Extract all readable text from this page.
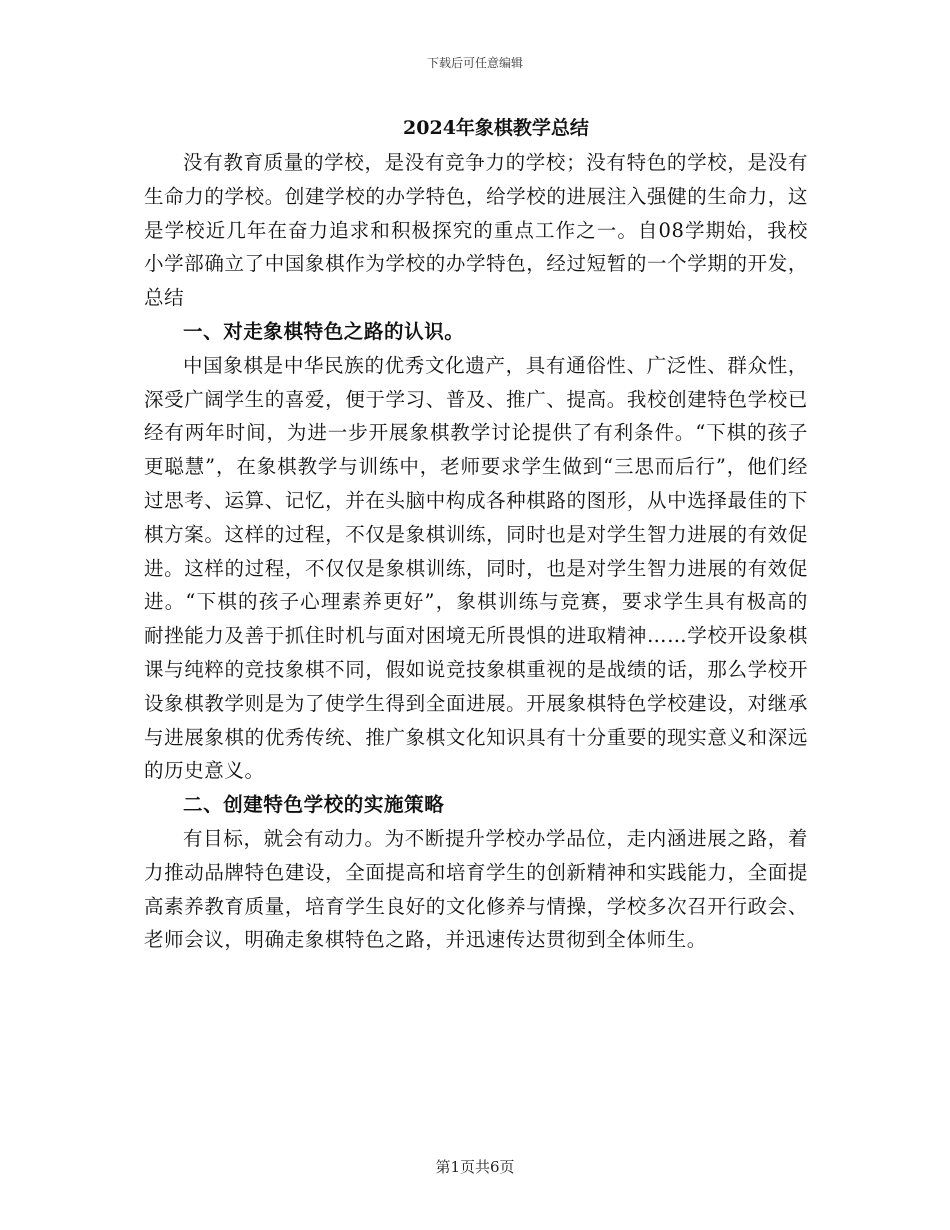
下载后可任意编辑
2024年象棋教学总结

没有教育质量的学校，是没有竞争力的学校；没有特色的学校，是没有生命力的学校。创建学校的办学特色，给学校的进展注入强健的生命力，这是学校近几年在奋力追求和积极探究的重点工作之一。自08学期始，我校小学部确立了中国象棋作为学校的办学特色，经过短暂的一个学期的开发，总结

一、对走象棋特色之路的认识。

中国象棋是中华民族的优秀文化遗产，具有通俗性、广泛性、群众性，深受广阔学生的喜爱，便于学习、普及、推广、提高。我校创建特色学校已经有两年时间，为进一步开展象棋教学讨论提供了有利条件。“下棋的孩子更聪慧”，在象棋教学与训练中，老师要求学生做到“三思而后行”，他们经过思考、运算、记忆，并在头脑中构成各种棋路的图形，从中选择最佳的下棋方案。这样的过程，不仅是象棋训练，同时也是对学生智力进展的有效促进。这样的过程，不仅仅是象棋训练，同时，也是对学生智力进展的有效促进。“下棋的孩子心理素养更好”，象棋训练与竞赛，要求学生具有极高的耐挫能力及善于抓住时机与面对困境无所畏惧的进取精神……学校开设象棋课与纯粹的竞技象棋不同，假如说竞技象棋重视的是战绩的话，那么学校开设象棋教学则是为了使学生得到全面进展。开展象棋特色学校建设，对继承与进展象棋的优秀传统、推广象棋文化知识具有十分重要的现实意义和深远的历史意义。

二、创建特色学校的实施策略

有目标，就会有动力。为不断提升学校办学品位，走内涵进展之路，着力推动品牌特色建设，全面提高和培育学生的创新精神和实践能力，全面提高素养教育质量，培育学生良好的文化修养与情操，学校多次召开行政会、老师会议，明确走象棋特色之路，并迅速传达贯彻到全体师生。

第1页共6页
